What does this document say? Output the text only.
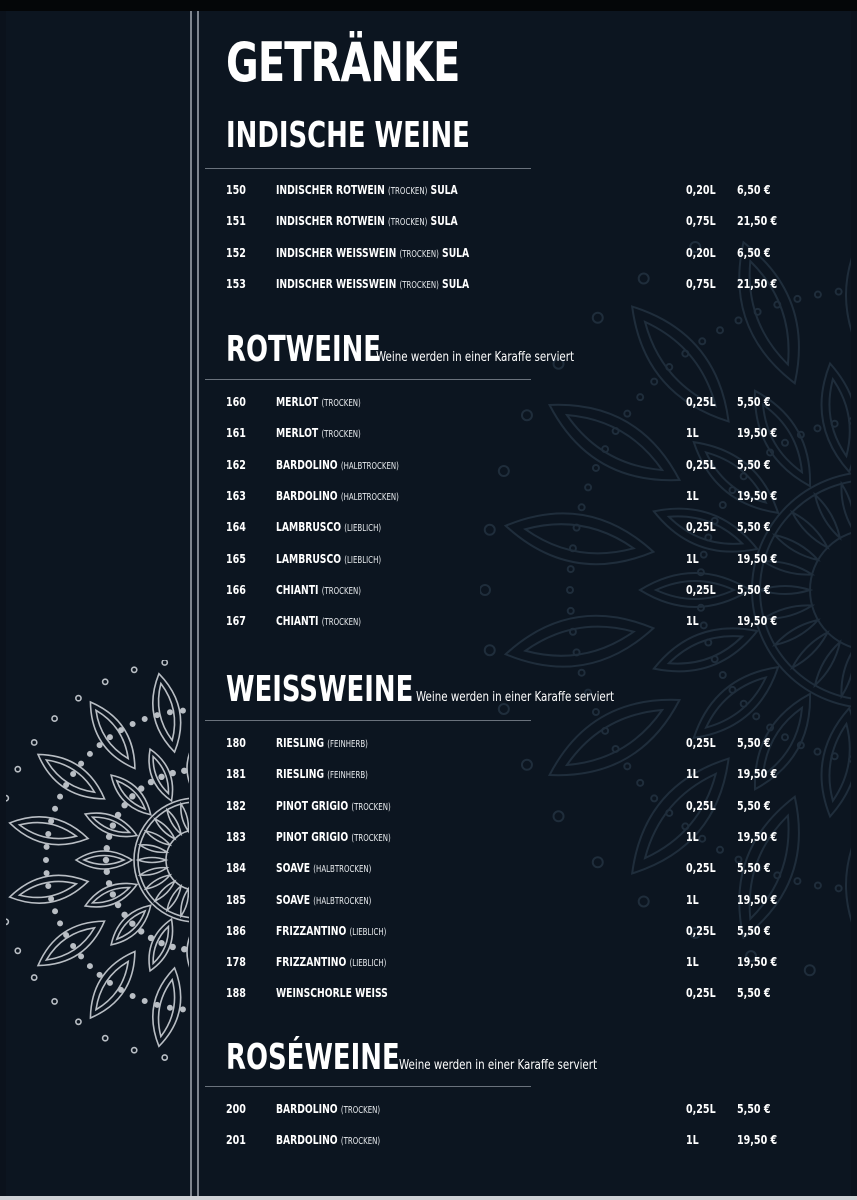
GETRÄNKE
INDISCHE WEINE
150 INDISCHER ROTWEIN (TROCKEN) SULA	0,20L 6,50 €
151 INDISCHER ROTWEIN (TROCKEN) SULA	0,75L 21,50 €
152 INDISCHER WEISSWEIN (TROCKEN) SULA	0,20L 6,50 €
153 INDISCHER WEISSWEIN (TROCKEN) SULA	0,75L 21,50 €
ROTWEINEWeine werden in einer Karaffe serviert
160 MERLOT (TROCKEN)	0,25L 5,50 €
161 MERLOT (TROCKEN)	1L	19,50 €
162 BARDOLINO (HALBTROCKEN)	0,25L 5,50 €
163 BARDOLINO (HALBTROCKEN)	1L	19,50 €
164 LAMBRUSCO (LIEBLICH)	0,25L 5,50 €
165 LAMBRUSCO (LIEBLICH)	1L	19,50 €
166 CHIANTI (TROCKEN)	0,25L 5,50 €
167 CHIANTI (TROCKEN)	1L	19,50 €
WEISSWEINE Weine werden in einer Karaffe serviert
180 RIESLING (FEINHERB)	0,25L 5,50 €
181 RIESLING (FEINHERB)	1L	19,50 €
182 PINOT GRIGIO (TROCKEN)	0,25L 5,50 €
183 PINOT GRIGIO (TROCKEN)	1L	19,50 €
184 SOAVE (HALBTROCKEN)	0,25L 5,50 €
185 SOAVE (HALBTROCKEN)	1L	19,50 €
186 FRIZZANTINO (LIEBLICH)	0,25L 5,50 €
178 FRIZZANTINO (LIEBLICH)	1L	19,50 €
188 WEINSCHORLE WEISS	0,25L 5,50 €
ROSÉWEINEWeine werden in einer Karaffe serviert
200 BARDOLINO (TROCKEN)	0,25L 5,50 €
201 BARDOLINO (TROCKEN)	1L	19,50 €
